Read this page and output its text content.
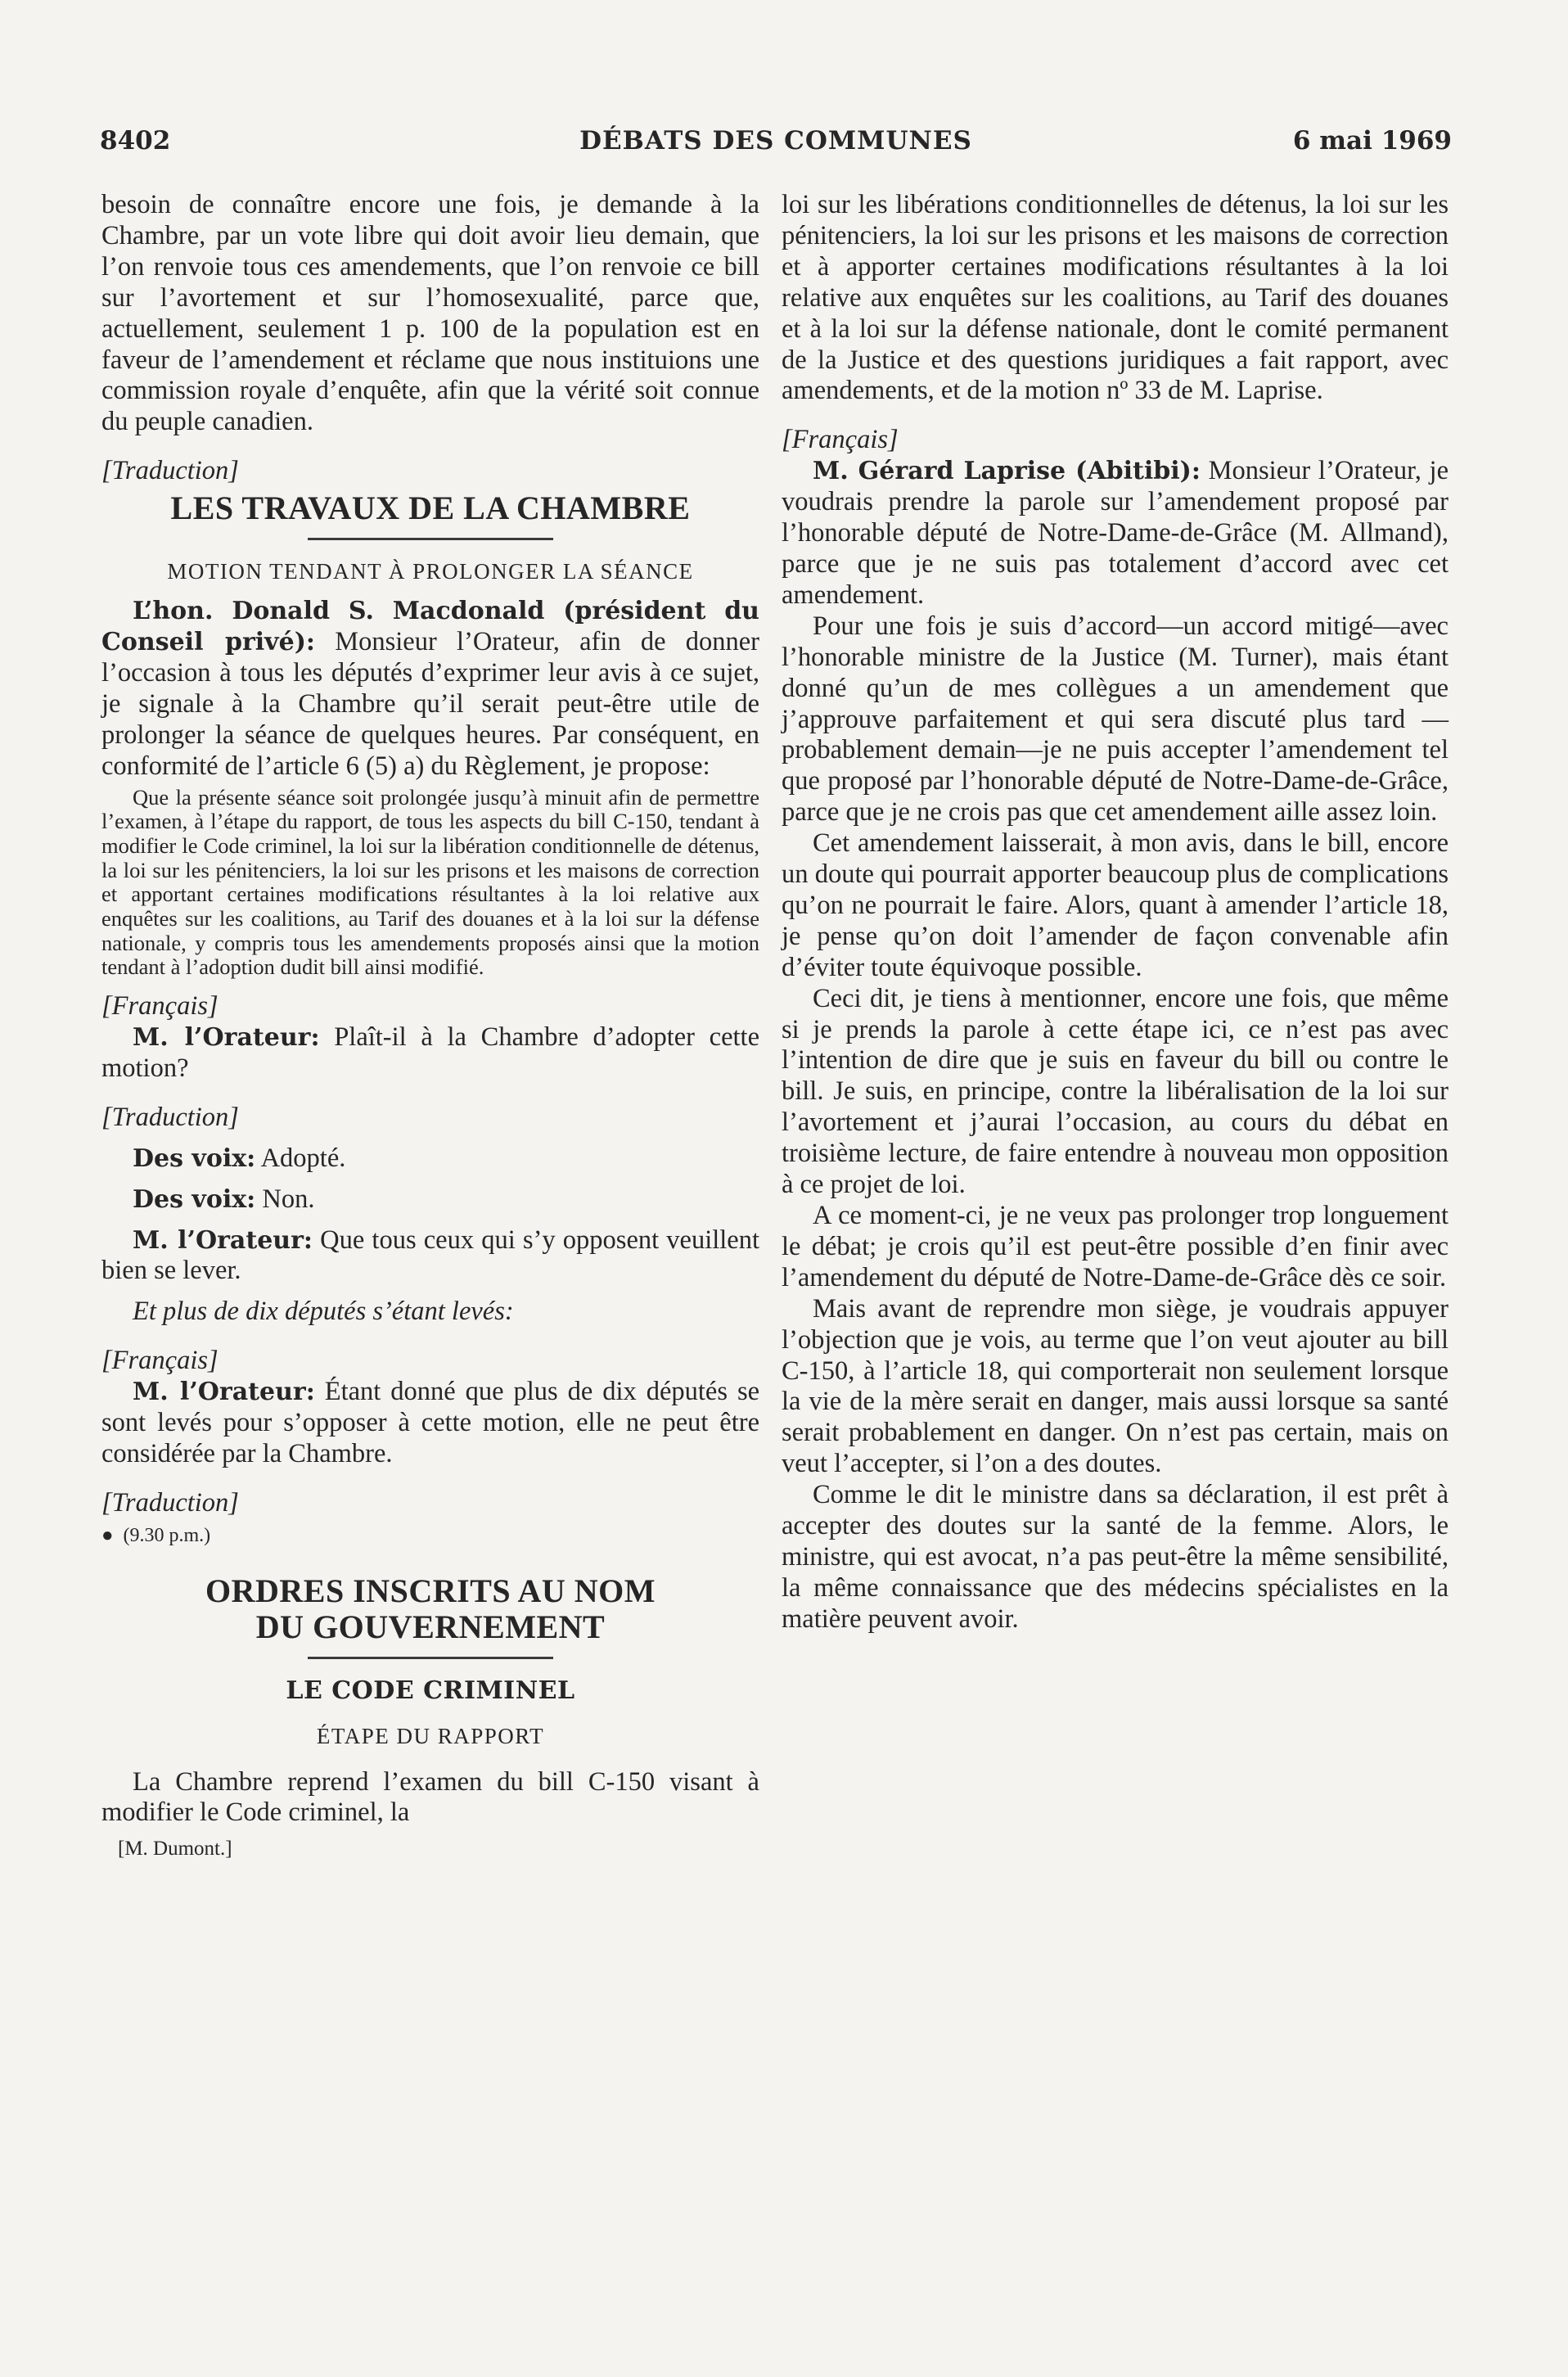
8402	DÉBATS DES COMMUNES	6 mai 1969

besoin de connaître encore une fois, je demande à la Chambre, par un vote libre qui doit avoir lieu demain, que l’on renvoie tous ces amendements, que l’on renvoie ce bill sur l’avortement et sur l’homosexualité, parce que, actuellement, seulement 1 p. 100 de la population est en faveur de l’amendement et réclame que nous instituions une commission royale d’enquête, afin que la vérité soit connue du peuple canadien.

[Traduction]

LES TRAVAUX DE LA CHAMBRE
MOTION TENDANT À PROLONGER LA SÉANCE

L’hon. Donald S. Macdonald (président du Conseil privé): Monsieur l’Orateur, afin de donner l’occasion à tous les députés d’exprimer leur avis à ce sujet, je signale à la Chambre qu’il serait peut-être utile de prolonger la séance de quelques heures. Par conséquent, en conformité de l’article 6 (5) a) du Règlement, je propose:

Que la présente séance soit prolongée jusqu’à minuit afin de permettre l’examen, à l’étape du rapport, de tous les aspects du bill C-150, tendant à modifier le Code criminel, la loi sur la libération conditionnelle de détenus, la loi sur les pénitenciers, la loi sur les prisons et les maisons de correction et apportant certaines modifications résultantes à la loi relative aux enquêtes sur les coalitions, au Tarif des douanes et à la loi sur la défense nationale, y compris tous les amendements proposés ainsi que la motion tendant à l’adoption dudit bill ainsi modifié.

[Français]

M. l’Orateur: Plaît-il à la Chambre d’adopter cette motion?

[Traduction]

Des voix: Adopté.

Des voix: Non.

M. l’Orateur: Que tous ceux qui s’y opposent veuillent bien se lever.

Et plus de dix députés s’étant levés:

[Français]

M. l’Orateur: Étant donné que plus de dix députés se sont levés pour s’opposer à cette motion, elle ne peut être considérée par la Chambre.

[Traduction]

● (9.30 p.m.)

ORDRES INSCRITS AU NOM
DU GOUVERNEMENT
LE CODE CRIMINEL
ÉTAPE DU RAPPORT

La Chambre reprend l’examen du bill C-150 visant à modifier le Code criminel, la

[M. Dumont.]

loi sur les libérations conditionnelles de détenus, la loi sur les pénitenciers, la loi sur les prisons et les maisons de correction et à apporter certaines modifications résultantes à la loi relative aux enquêtes sur les coalitions, au Tarif des douanes et à la loi sur la défense nationale, dont le comité permanent de la Justice et des questions juridiques a fait rapport, avec amendements, et de la motion nº 33 de M. Laprise.

[Français]

M. Gérard Laprise (Abitibi): Monsieur l’Orateur, je voudrais prendre la parole sur l’amendement proposé par l’honorable député de Notre-Dame-de-Grâce (M. Allmand), parce que je ne suis pas totalement d’accord avec cet amendement.

Pour une fois je suis d’accord—un accord mitigé—avec l’honorable ministre de la Justice (M. Turner), mais étant donné qu’un de mes collègues a un amendement que j’approuve parfaitement et qui sera discuté plus tard —probablement demain—je ne puis accepter l’amendement tel que proposé par l’honorable député de Notre-Dame-de-Grâce, parce que je ne crois pas que cet amendement aille assez loin.

Cet amendement laisserait, à mon avis, dans le bill, encore un doute qui pourrait apporter beaucoup plus de complications qu’on ne pourrait le faire. Alors, quant à amender l’article 18, je pense qu’on doit l’amender de façon convenable afin d’éviter toute équivoque possible.

Ceci dit, je tiens à mentionner, encore une fois, que même si je prends la parole à cette étape ici, ce n’est pas avec l’intention de dire que je suis en faveur du bill ou contre le bill. Je suis, en principe, contre la libéralisation de la loi sur l’avortement et j’aurai l’occasion, au cours du débat en troisième lecture, de faire entendre à nouveau mon opposition à ce projet de loi.

A ce moment-ci, je ne veux pas prolonger trop longuement le débat; je crois qu’il est peut-être possible d’en finir avec l’amendement du député de Notre-Dame-de-Grâce dès ce soir.

Mais avant de reprendre mon siège, je voudrais appuyer l’objection que je vois, au terme que l’on veut ajouter au bill C-150, à l’article 18, qui comporterait non seulement lorsque la vie de la mère serait en danger, mais aussi lorsque sa santé serait probablement en danger. On n’est pas certain, mais on veut l’accepter, si l’on a des doutes.

Comme le dit le ministre dans sa déclaration, il est prêt à accepter des doutes sur la santé de la femme. Alors, le ministre, qui est avocat, n’a pas peut-être la même sensibilité, la même connaissance que des médecins spécialistes en la matière peuvent avoir.
